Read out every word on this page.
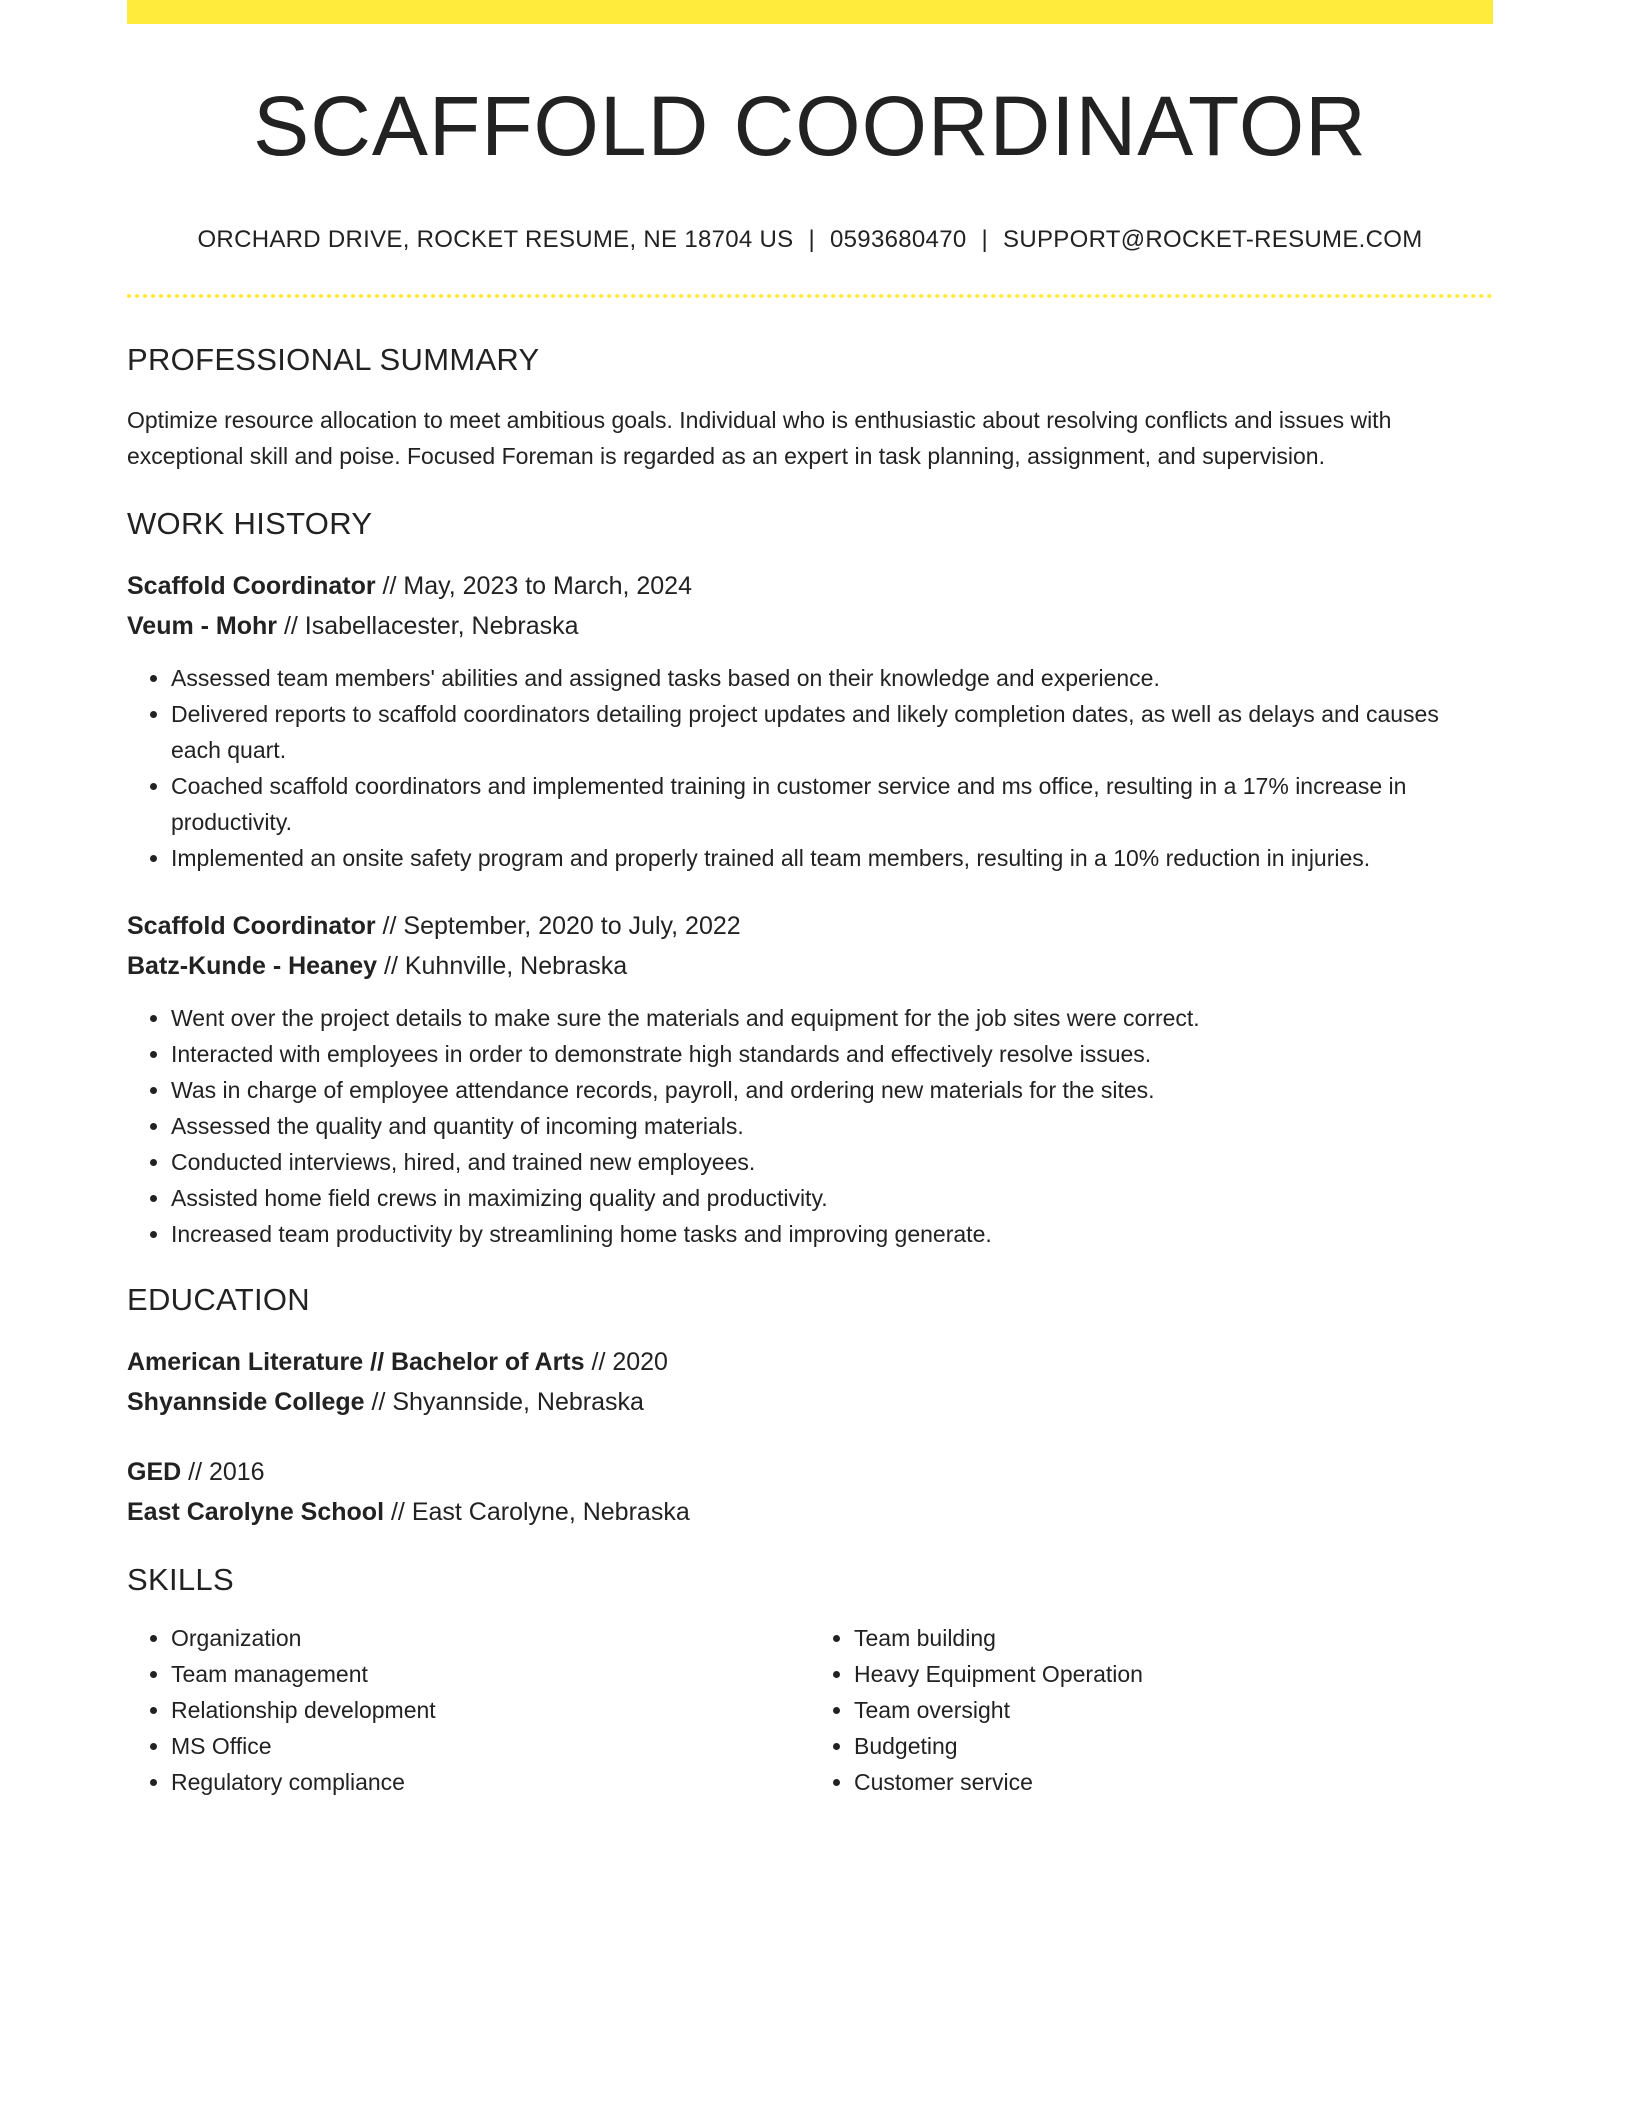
SCAFFOLD COORDINATOR
ORCHARD DRIVE, ROCKET RESUME, NE 18704 US | 0593680470 | SUPPORT@ROCKET-RESUME.COM
PROFESSIONAL SUMMARY

Optimize resource allocation to meet ambitious goals. Individual who is enthusiastic about resolving conflicts and issues with exceptional skill and poise. Focused Foreman is regarded as an expert in task planning, assignment, and supervision.

WORK HISTORY
Scaffold Coordinator // May, 2023 to March, 2024
Veum - Mohr // Isabellacester, Nebraska
• Assessed team members' abilities and assigned tasks based on their knowledge and experience.
• Delivered reports to scaffold coordinators detailing project updates and likely completion dates, as well as delays and causes each quart.
• Coached scaffold coordinators and implemented training in customer service and ms office, resulting in a 17% increase in productivity.
• Implemented an onsite safety program and properly trained all team members, resulting in a 10% reduction in injuries.
Scaffold Coordinator // September, 2020 to July, 2022
Batz-Kunde - Heaney // Kuhnville, Nebraska
• Went over the project details to make sure the materials and equipment for the job sites were correct.
• Interacted with employees in order to demonstrate high standards and effectively resolve issues.
• Was in charge of employee attendance records, payroll, and ordering new materials for the sites.
• Assessed the quality and quantity of incoming materials.
• Conducted interviews, hired, and trained new employees.
• Assisted home field crews in maximizing quality and productivity.
• Increased team productivity by streamlining home tasks and improving generate.
EDUCATION
American Literature // Bachelor of Arts // 2020
Shyannside College // Shyannside, Nebraska
GED // 2016
East Carolyne School // East Carolyne, Nebraska
SKILLS
• Organization
• Team management
• Relationship development
• MS Office
• Regulatory compliance
• Team building
• Heavy Equipment Operation
• Team oversight
• Budgeting
• Customer service
